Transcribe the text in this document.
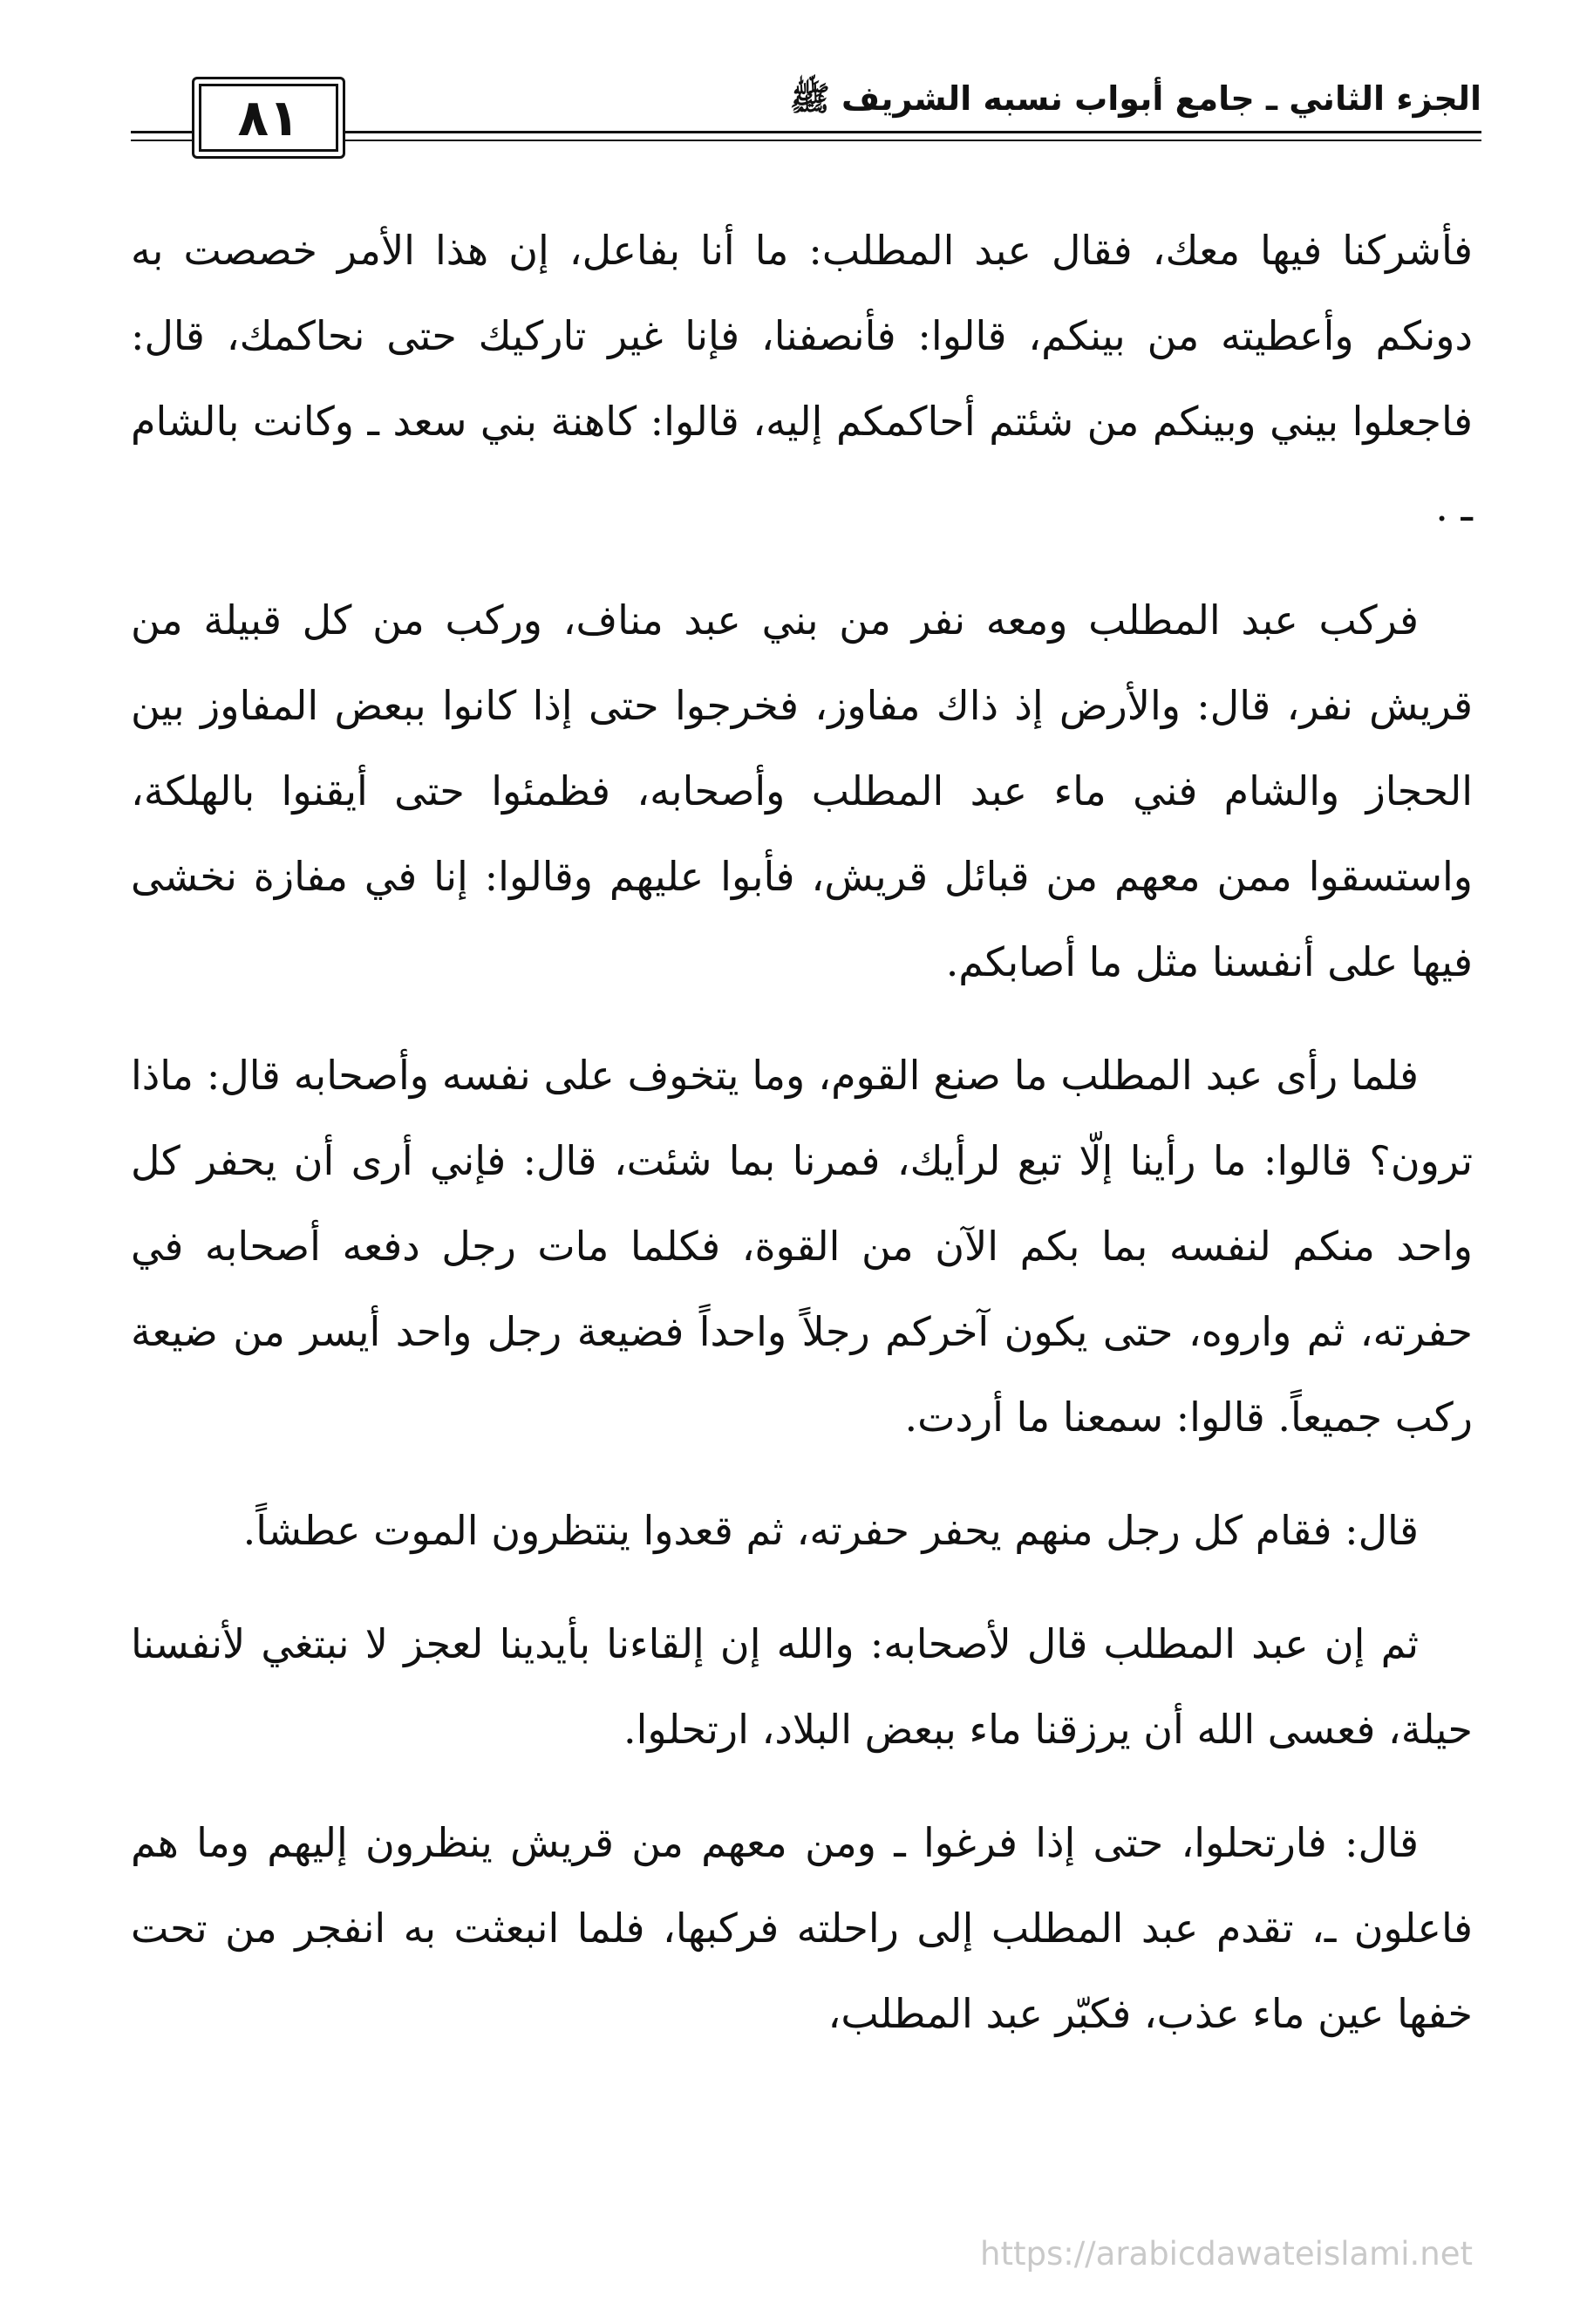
الجزء الثاني ـ جامع أبواب نسبه الشريف ﷺ
٨١

فأشركنا فيها معك، فقال عبد المطلب: ما أنا بفاعل، إن هذا الأمر خصصت به دونكم وأعطيته من بينكم، قالوا: فأنصفنا، فإنا غير تاركيك حتى نحاكمك، قال: فاجعلوا بيني وبينكم من شئتم أحاكمكم إليه، قالوا: كاهنة بني سعد ـ وكانت بالشام ـ .

فركب عبد المطلب ومعه نفر من بني عبد مناف، وركب من كل قبيلة من قريش نفر، قال: والأرض إذ ذاك مفاوز، فخرجوا حتى إذا كانوا ببعض المفاوز بين الحجاز والشام فني ماء عبد المطلب وأصحابه، فظمئوا حتى أيقنوا بالهلكة، واستسقوا ممن معهم من قبائل قريش، فأبوا عليهم وقالوا: إنا في مفازة نخشى فيها على أنفسنا مثل ما أصابكم.

فلما رأى عبد المطلب ما صنع القوم، وما يتخوف على نفسه وأصحابه قال: ماذا ترون؟ قالوا: ما رأينا إلّا تبع لرأيك، فمرنا بما شئت، قال: فإني أرى أن يحفر كل واحد منكم لنفسه بما بكم الآن من القوة، فكلما مات رجل دفعه أصحابه في حفرته، ثم واروه، حتى يكون آخركم رجلاً واحداً فضيعة رجل واحد أيسر من ضيعة ركب جميعاً. قالوا: سمعنا ما أردت.

قال: فقام كل رجل منهم يحفر حفرته، ثم قعدوا ينتظرون الموت عطشاً.

ثم إن عبد المطلب قال لأصحابه: والله إن إلقاءنا بأيدينا لعجز لا نبتغي لأنفسنا حيلة، فعسى الله أن يرزقنا ماء ببعض البلاد، ارتحلوا.

قال: فارتحلوا، حتى إذا فرغوا ـ ومن معهم من قريش ينظرون إليهم وما هم فاعلون ـ، تقدم عبد المطلب إلى راحلته فركبها، فلما انبعثت به انفجر من تحت خفها عين ماء عذب، فكبّر عبد المطلب،

https://arabicdawateislami.net
